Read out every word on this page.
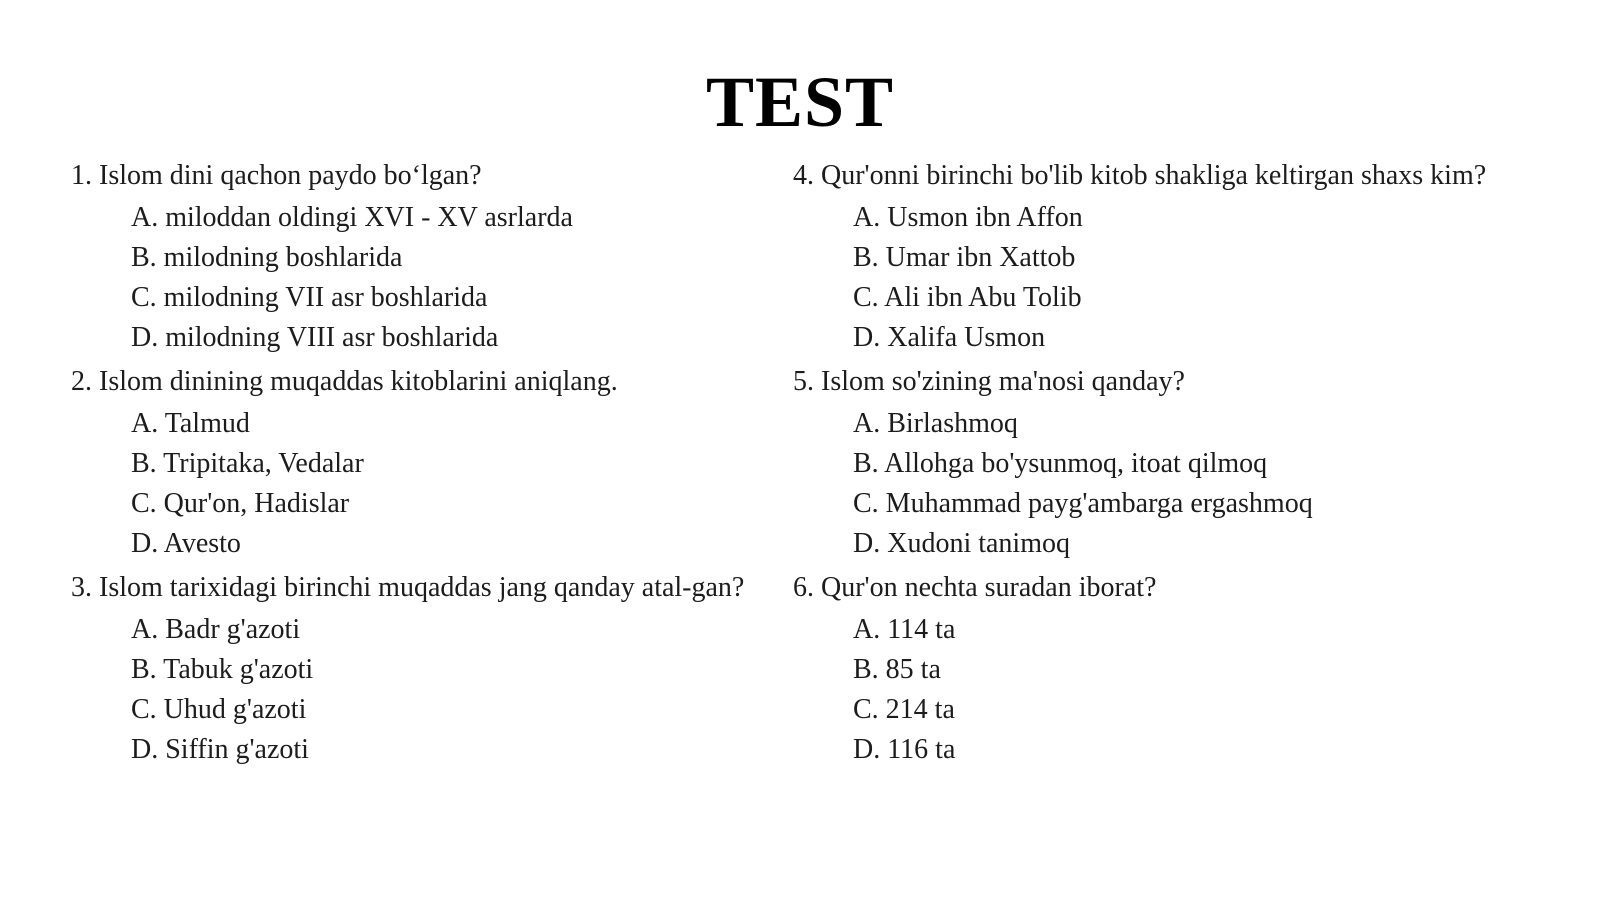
TEST
1. Islom dini qachon paydo bo‘lgan?
A. miloddan oldingi XVI - XV asrlarda
B. milodning boshlarida
C. milodning VII asr boshlarida
D. milodning VIII asr boshlarida
2. Islom dinining muqaddas kitoblarini aniqlang.
A. Talmud
B. Tripitaka, Vedalar
C. Qur'on, Hadislar
D. Avesto
3. Islom tarixidagi birinchi muqaddas jang qanday atal-gan?
A. Badr g'azoti
B. Tabuk g'azoti
C. Uhud g'azoti
D. Siffin g'azoti
4. Qur'onni birinchi bo'lib kitob shakliga keltirgan shaxs kim?
A. Usmon ibn Affon
B. Umar ibn Xattob
C. Ali ibn Abu Tolib
D. Xalifa Usmon
5. Islom so'zining ma'nosi qanday?
A. Birlashmoq
B. Allohga bo'ysunmoq, itoat qilmoq
C. Muhammad payg'ambarga ergashmoq
D. Xudoni tanimoq
6. Qur'on nechta suradan iborat?
A. 114 ta
B. 85 ta
C. 214 ta
D. 116 ta
